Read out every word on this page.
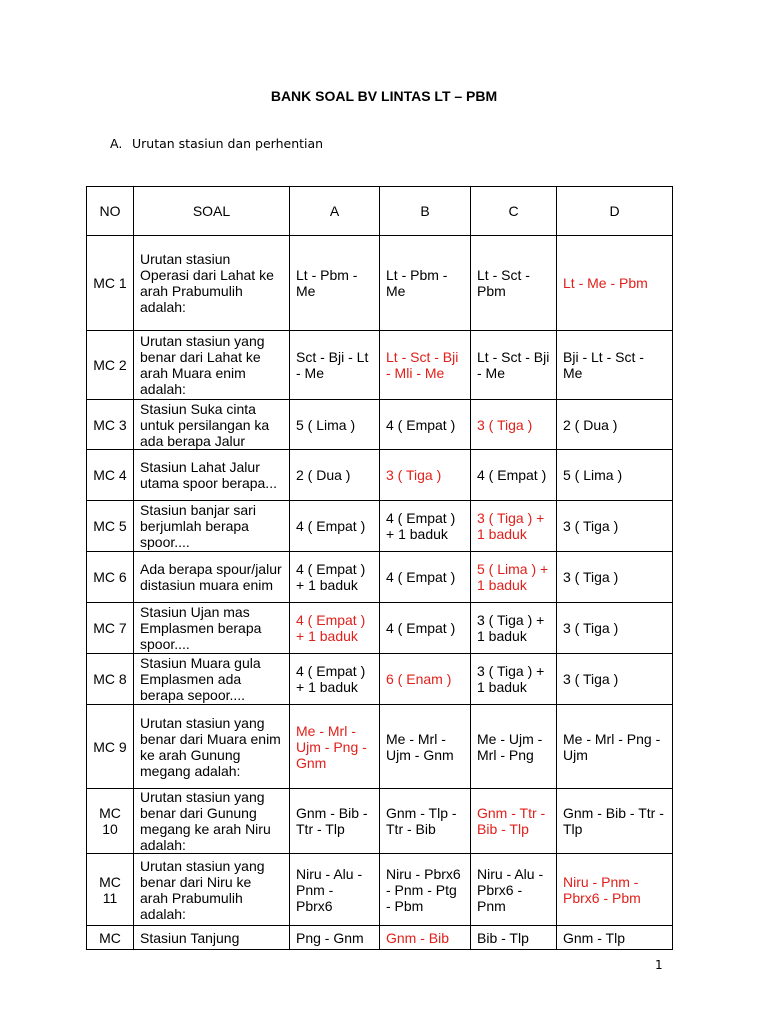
BANK SOAL BV LINTAS LT – PBM
A. Urutan stasiun dan perhentian
NO	SOAL	A	B	C	D
MC 1	Urutan stasiun Operasi dari Lahat ke arah Prabumulih adalah:	Lt - Pbm - Me	Lt - Pbm - Me	Lt - Sct - Pbm	Lt - Me - Pbm
MC 2	Urutan stasiun yang benar dari Lahat ke arah Muara enim adalah:	Sct - Bji - Lt - Me	Lt - Sct - Bji - Mli - Me	Lt - Sct - Bji - Me	Bji - Lt - Sct - Me
MC 3	Stasiun Suka cinta untuk persilangan ka ada berapa Jalur	5 ( Lima )	4 ( Empat )	3 ( Tiga )	2 ( Dua )
MC 4	Stasiun Lahat Jalur utama spoor berapa...	2 ( Dua )	3 ( Tiga )	4 ( Empat )	5 ( Lima )
MC 5	Stasiun banjar sari berjumlah berapa spoor....	4 ( Empat )	4 ( Empat ) + 1 baduk	3 ( Tiga ) + 1 baduk	3 ( Tiga )
MC 6	Ada berapa spour/jalur distasiun muara enim	4 ( Empat ) + 1 baduk	4 ( Empat )	5 ( Lima ) + 1 baduk	3 ( Tiga )
MC 7	Stasiun Ujan mas Emplasmen berapa spoor....	4 ( Empat ) + 1 baduk	4 ( Empat )	3 ( Tiga ) + 1 baduk	3 ( Tiga )
MC 8	Stasiun Muara gula Emplasmen ada berapa sepoor....	4 ( Empat ) + 1 baduk	6 ( Enam )	3 ( Tiga ) + 1 baduk	3 ( Tiga )
MC 9	Urutan stasiun yang benar dari Muara enim ke arah Gunung megang adalah:	Me - Mrl - Ujm - Png - Gnm	Me - Mrl - Ujm - Gnm	Me - Ujm - Mrl - Png	Me - Mrl - Png - Ujm
MC 10	Urutan stasiun yang benar dari Gunung megang ke arah Niru adalah:	Gnm - Bib - Ttr - Tlp	Gnm - Tlp - Ttr - Bib	Gnm - Ttr - Bib - Tlp	Gnm - Bib - Ttr - Tlp
MC 11	Urutan stasiun yang benar dari Niru ke arah Prabumulih adalah:	Niru - Alu - Pnm - Pbrx6	Niru - Pbrx6 - Pnm - Ptg - Pbm	Niru - Alu - Pbrx6 - Pnm	Niru - Pnm - Pbrx6 - Pbm
MC	Stasiun Tanjung	Png - Gnm	Gnm - Bib	Bib - Tlp	Gnm - Tlp
1
